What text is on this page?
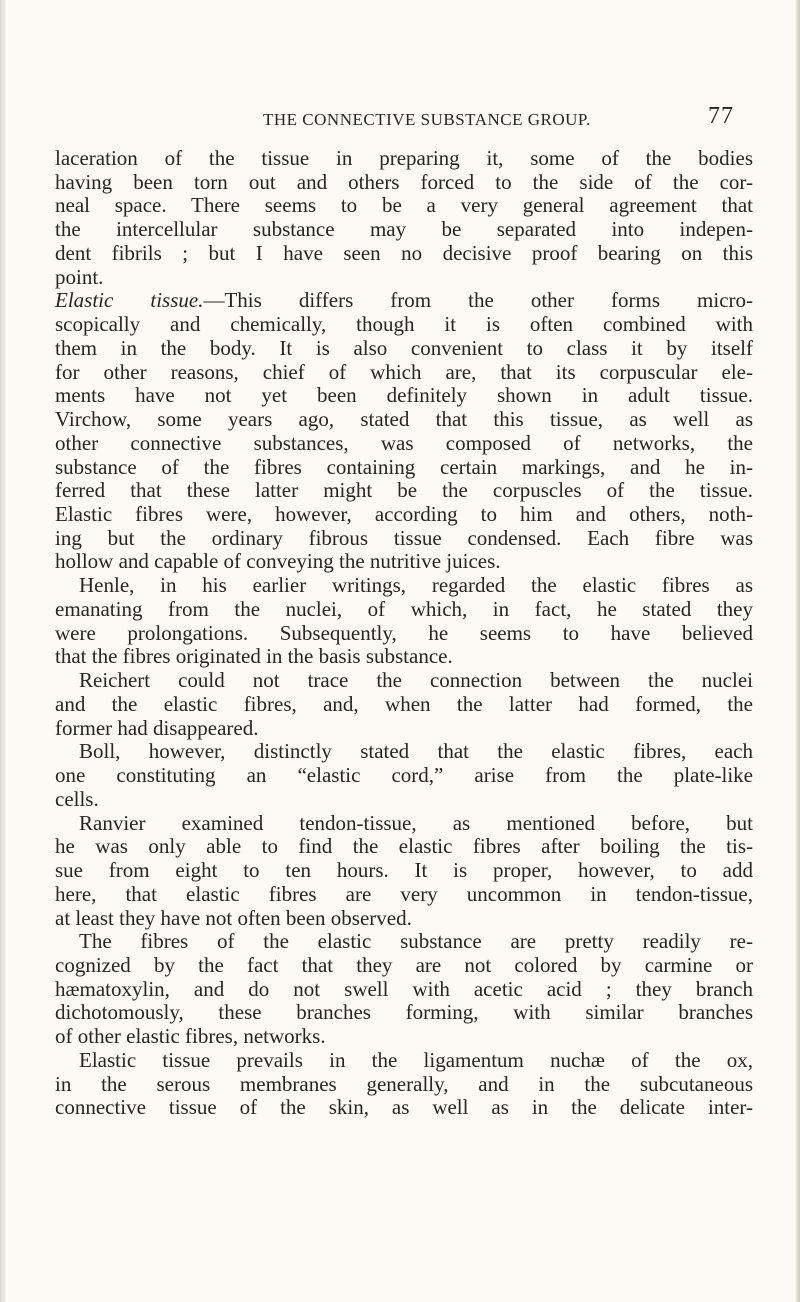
THE CONNECTIVE SUBSTANCE GROUP.	77
laceration of the tissue in preparing it, some of the bodies
having been torn out and others forced to the side of the cor-
neal space. There seems to be a very general agreement that
the intercellular substance may be separated into indepen-
dent fibrils ; but I have seen no decisive proof bearing on this
point.
Elastic tissue.—This differs from the other forms micro-
scopically and chemically, though it is often combined with
them in the body. It is also convenient to class it by itself
for other reasons, chief of which are, that its corpuscular ele-
ments have not yet been definitely shown in adult tissue.
Virchow, some years ago, stated that this tissue, as well as
other connective substances, was composed of networks, the
substance of the fibres containing certain markings, and he in-
ferred that these latter might be the corpuscles of the tissue.
Elastic fibres were, however, according to him and others, noth-
ing but the ordinary fibrous tissue condensed. Each fibre was
hollow and capable of conveying the nutritive juices.
Henle, in his earlier writings, regarded the elastic fibres as
emanating from the nuclei, of which, in fact, he stated they
were prolongations. Subsequently, he seems to have believed
that the fibres originated in the basis substance.
Reichert could not trace the connection between the nuclei
and the elastic fibres, and, when the latter had formed, the
former had disappeared.
Boll, however, distinctly stated that the elastic fibres, each
one constituting an “elastic cord,” arise from the plate-like
cells.
Ranvier examined tendon-tissue, as mentioned before, but
he was only able to find the elastic fibres after boiling the tis-
sue from eight to ten hours. It is proper, however, to add
here, that elastic fibres are very uncommon in tendon-tissue,
at least they have not often been observed.
The fibres of the elastic substance are pretty readily re-
cognized by the fact that they are not colored by carmine or
hæmatoxylin, and do not swell with acetic acid ; they branch
dichotomously, these branches forming, with similar branches
of other elastic fibres, networks.
Elastic tissue prevails in the ligamentum nuchæ of the ox,
in the serous membranes generally, and in the subcutaneous
connective tissue of the skin, as well as in the delicate inter-
